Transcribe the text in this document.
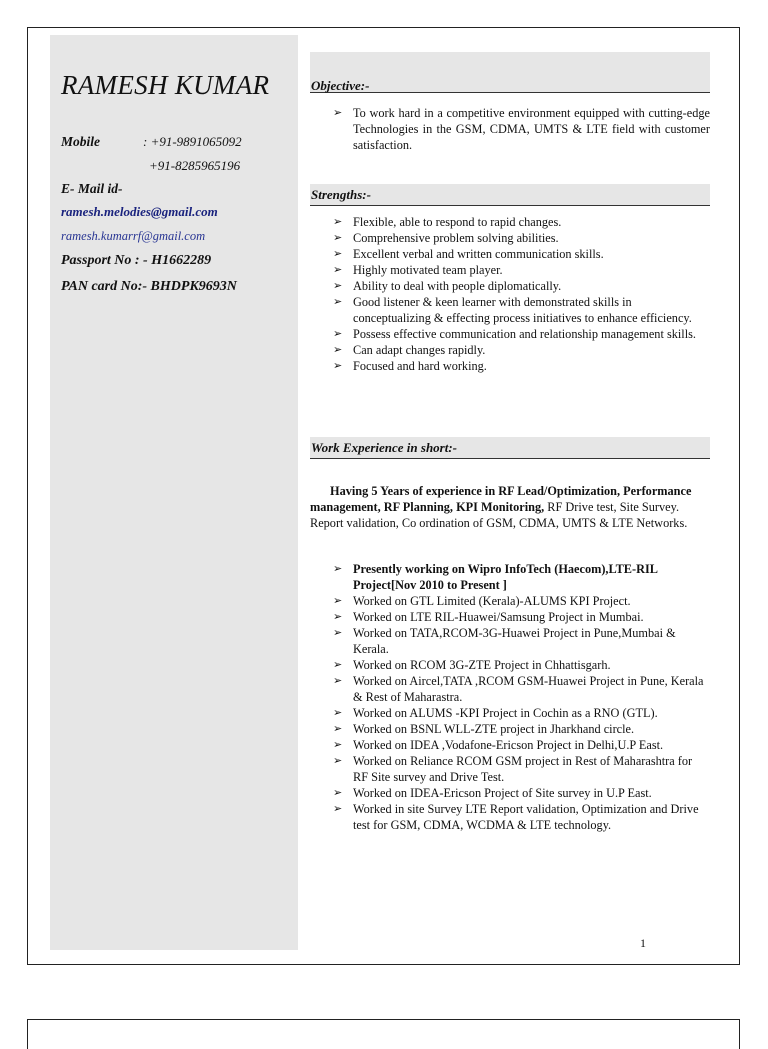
RAMESH KUMAR
Mobile	: +91-9891065092
+91-8285965196
E- Mail id-
ramesh.melodies@gmail.com
ramesh.kumarrf@gmail.com
Passport No : - H1662289
PAN card No:- BHDPK9693N
Objective:-
➢ To work hard in a competitive environment equipped with cutting-edge Technologies in the GSM, CDMA, UMTS & LTE field with customer satisfaction.
Strengths:-
➢ Flexible, able to respond to rapid changes.
➢ Comprehensive problem solving abilities.
➢ Excellent verbal and written communication skills.
➢ Highly motivated team player.
➢ Ability to deal with people diplomatically.
➢ Good listener & keen learner with demonstrated skills in conceptualizing & effecting process initiatives to enhance efficiency.
➢ Possess effective communication and relationship management skills.
➢ Can adapt changes rapidly.
➢ Focused and hard working.
Work Experience in short:-
Having 5 Years of experience in RF Lead/Optimization, Performance management, RF Planning, KPI Monitoring, RF Drive test, Site Survey. Report validation, Co ordination of GSM, CDMA, UMTS & LTE Networks.
➢ Presently working on Wipro InfoTech (Haecom),LTE-RIL Project[Nov 2010 to Present ]
➢ Worked on GTL Limited (Kerala)-ALUMS KPI Project.
➢ Worked on LTE RIL-Huawei/Samsung Project in Mumbai.
➢ Worked on TATA,RCOM-3G-Huawei Project in Pune,Mumbai & Kerala.
➢ Worked on RCOM 3G-ZTE Project in Chhattisgarh.
➢ Worked on Aircel,TATA ,RCOM GSM-Huawei Project in Pune, Kerala & Rest of Maharastra.
➢ Worked on ALUMS -KPI Project in Cochin as a RNO (GTL).
➢ Worked on BSNL WLL-ZTE project in Jharkhand circle.
➢ Worked on IDEA ,Vodafone-Ericson Project in Delhi,U.P East.
➢ Worked on Reliance RCOM GSM project in Rest of Maharashtra for RF Site survey and Drive Test.
➢ Worked on IDEA-Ericson Project of Site survey in U.P East.
➢ Worked in site Survey LTE Report validation, Optimization and Drive test for GSM, CDMA, WCDMA & LTE technology.
1
